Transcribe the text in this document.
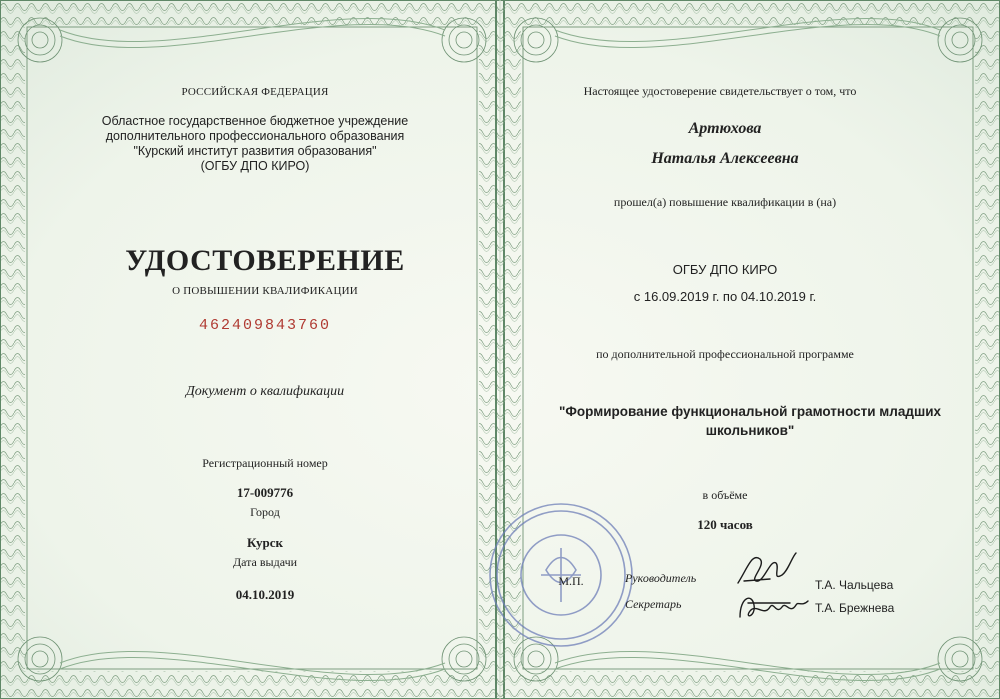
РОССИЙСКАЯ ФЕДЕРАЦИЯ
Областное государственное бюджетное учреждение
дополнительного профессионального образования
"Курский институт развития образования"
(ОГБУ ДПО КИРО)
УДОСТОВЕРЕНИЕ
О ПОВЫШЕНИИ КВАЛИФИКАЦИИ
462409843760
Документ о квалификации
Регистрационный номер
17-009776
Город
Курск
Дата выдачи
04.10.2019
Настоящее удостоверение свидетельствует о том, что
Артюхова
Наталья Алексеевна
прошел(а) повышение квалификации в (на)
ОГБУ ДПО КИРО
с 16.09.2019 г. по 04.10.2019 г.
по дополнительной профессиональной программе
"Формирование функциональной грамотности младших
школьников"
в объёме
120 часов
М.П.	Руководитель
Секретарь
Т.А. Чальцева
Т.А. Брежнева
